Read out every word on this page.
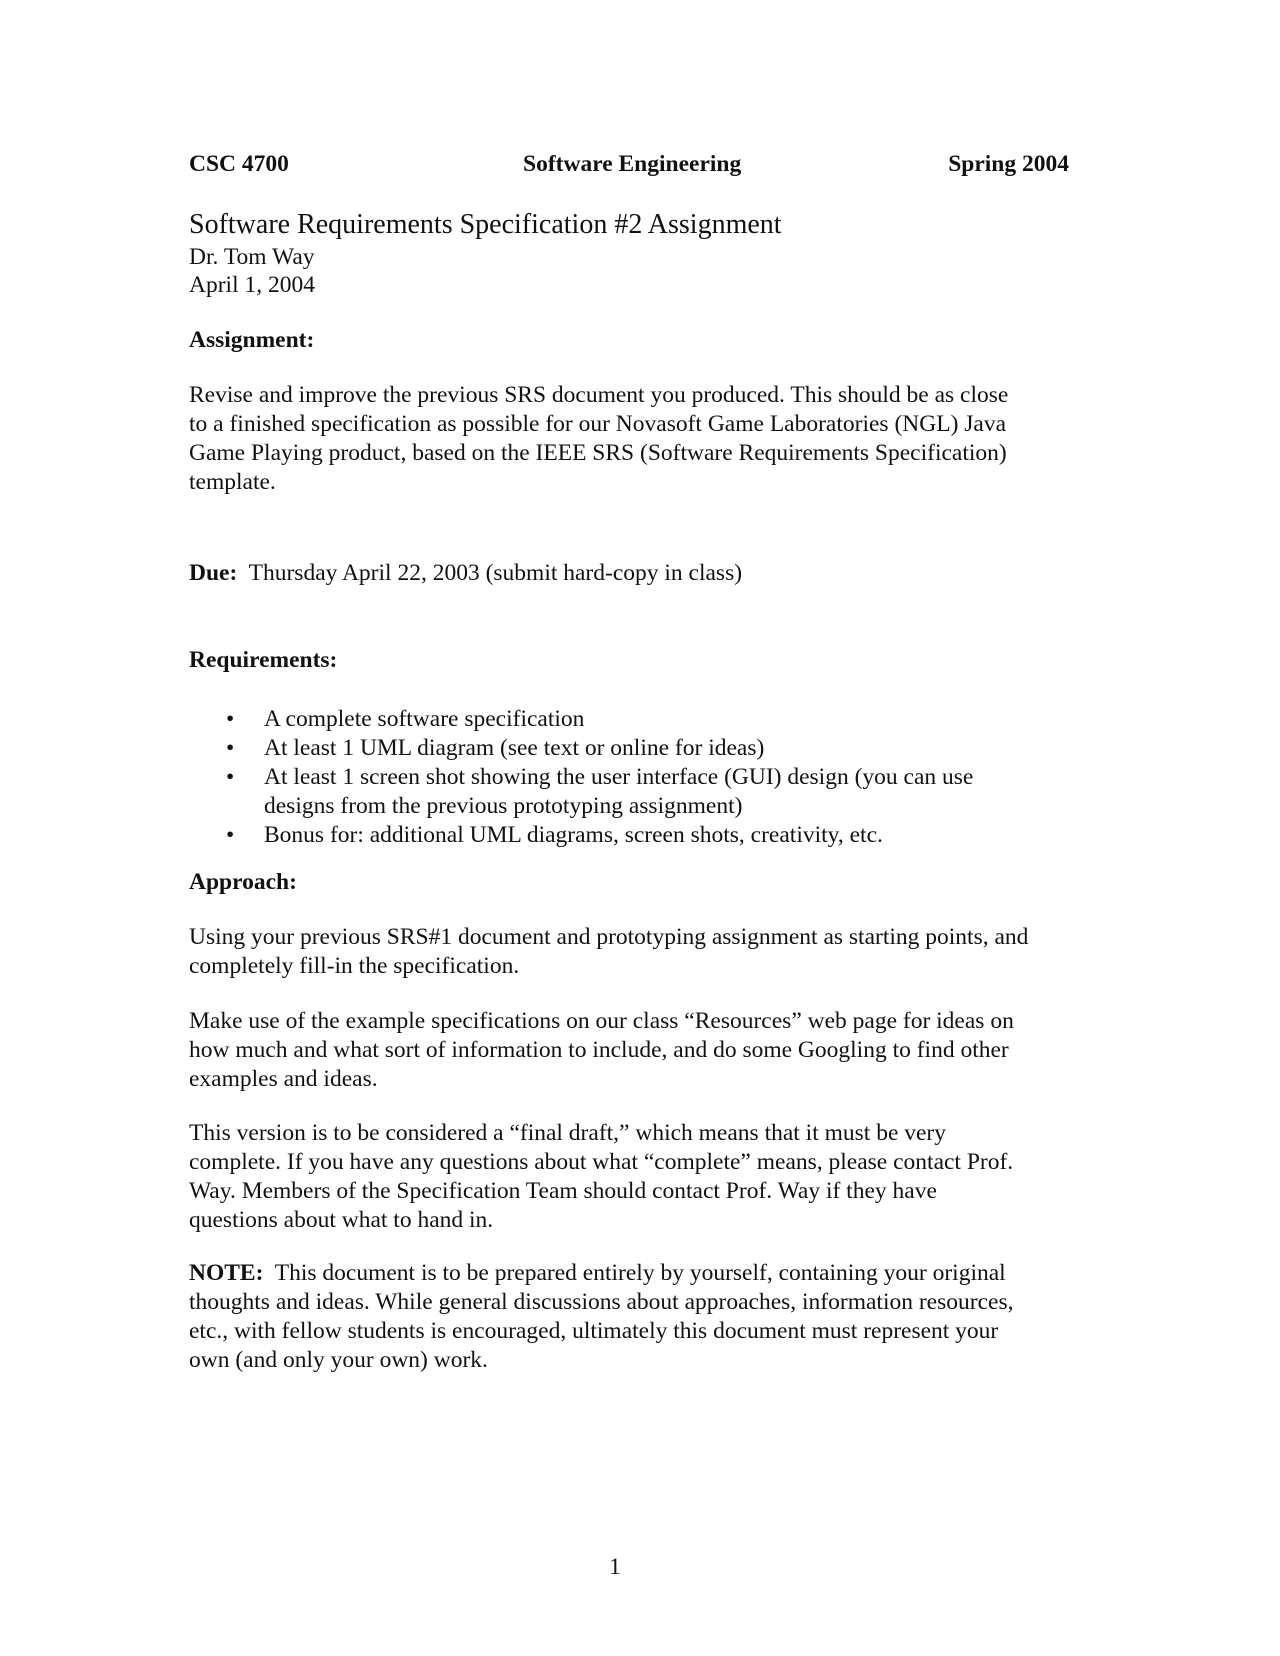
CSC 4700	Software Engineering	Spring 2004
Software Requirements Specification #2 Assignment
Dr. Tom Way
April 1, 2004
Assignment:
Revise and improve the previous SRS document you produced. This should be as close
to a finished specification as possible for our Novasoft Game Laboratories (NGL) Java
Game Playing product, based on the IEEE SRS (Software Requirements Specification)
template.
Due: Thursday April 22, 2003 (submit hard-copy in class)
Requirements:
• A complete software specification
• At least 1 UML diagram (see text or online for ideas)
• At least 1 screen shot showing the user interface (GUI) design (you can use
designs from the previous prototyping assignment)
• Bonus for: additional UML diagrams, screen shots, creativity, etc.
Approach:
Using your previous SRS#1 document and prototyping assignment as starting points, and
completely fill-in the specification.
Make use of the example specifications on our class “Resources” web page for ideas on
how much and what sort of information to include, and do some Googling to find other
examples and ideas.
This version is to be considered a “final draft,” which means that it must be very
complete. If you have any questions about what “complete” means, please contact Prof.
Way. Members of the Specification Team should contact Prof. Way if they have
questions about what to hand in.
NOTE: This document is to be prepared entirely by yourself, containing your original
thoughts and ideas. While general discussions about approaches, information resources,
etc., with fellow students is encouraged, ultimately this document must represent your
own (and only your own) work.
1
